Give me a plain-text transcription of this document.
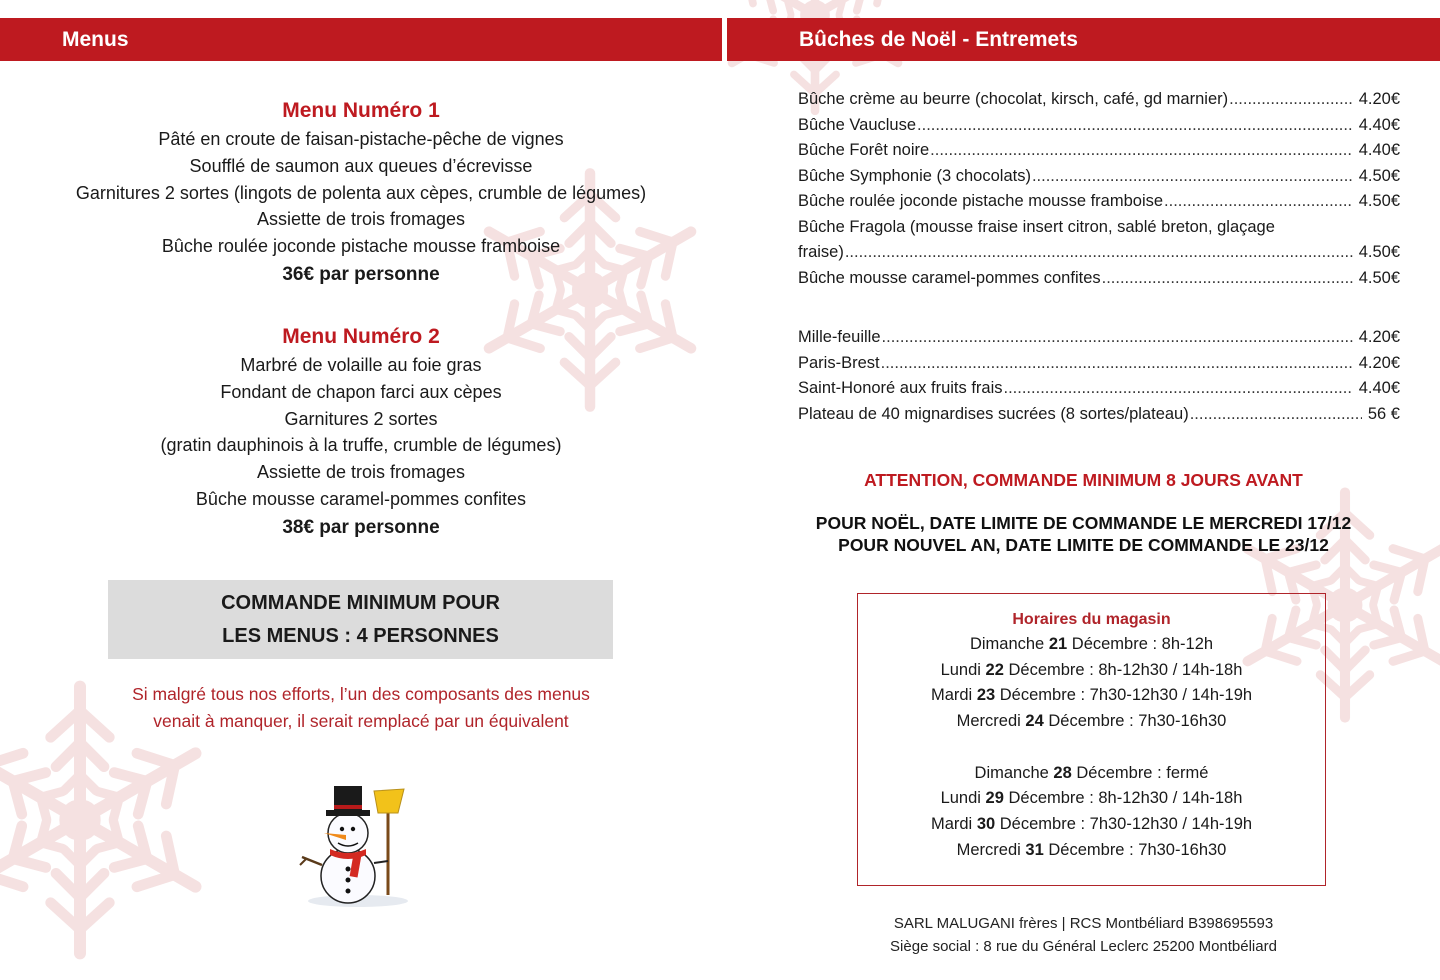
Menus	Bûches de Noël - Entremets
Menu Numéro 1
Pâté en croute de faisan-pistache-pêche de vignes
Soufflé de saumon aux queues d’écrevisse
Garnitures 2 sortes (lingots de polenta aux cèpes, crumble de légumes)
Assiette de trois fromages
Bûche roulée joconde pistache mousse framboise
36€ par personne
Menu Numéro 2
Marbré de volaille au foie gras
Fondant de chapon farci aux cèpes
Garnitures 2 sortes
(gratin dauphinois à la truffe, crumble de légumes)
Assiette de trois fromages
Bûche mousse caramel-pommes confites
38€ par personne
COMMANDE MINIMUM POUR
LES MENUS : 4 PERSONNES
Si malgré tous nos efforts, l’un des composants des menus
venait à manquer, il serait remplacé par un équivalent
Bûche crème au beurre (chocolat, kirsch, café, gd marnier) .....	4.20€
Bûche Vaucluse .....	4.40€
Bûche Forêt noire .....	4.40€
Bûche Symphonie (3 chocolats) .....	4.50€
Bûche roulée joconde pistache mousse framboise .....	4.50€
Bûche Fragola (mousse fraise insert citron, sablé breton, glaçage
fraise) .....	4.50€
Bûche mousse caramel-pommes confites .....	4.50€
Mille-feuille .....	4.20€
Paris-Brest .....	4.20€
Saint-Honoré aux fruits frais .....	4.40€
Plateau de 40 mignardises sucrées (8 sortes/plateau) .....	56 €
ATTENTION, COMMANDE MINIMUM 8 JOURS AVANT
POUR NOËL, DATE LIMITE DE COMMANDE LE MERCREDI 17/12
POUR NOUVEL AN, DATE LIMITE DE COMMANDE LE 23/12
Horaires du magasin
Dimanche 21 Décembre : 8h-12h
Lundi 22 Décembre : 8h-12h30 / 14h-18h
Mardi 23 Décembre : 7h30-12h30 / 14h-19h
Mercredi 24 Décembre : 7h30-16h30
Dimanche 28 Décembre : fermé
Lundi 29 Décembre : 8h-12h30 / 14h-18h
Mardi 30 Décembre : 7h30-12h30 / 14h-19h
Mercredi 31 Décembre : 7h30-16h30
SARL MALUGANI frères | RCS Montbéliard B398695593
Siège social : 8 rue du Général Leclerc 25200 Montbéliard
